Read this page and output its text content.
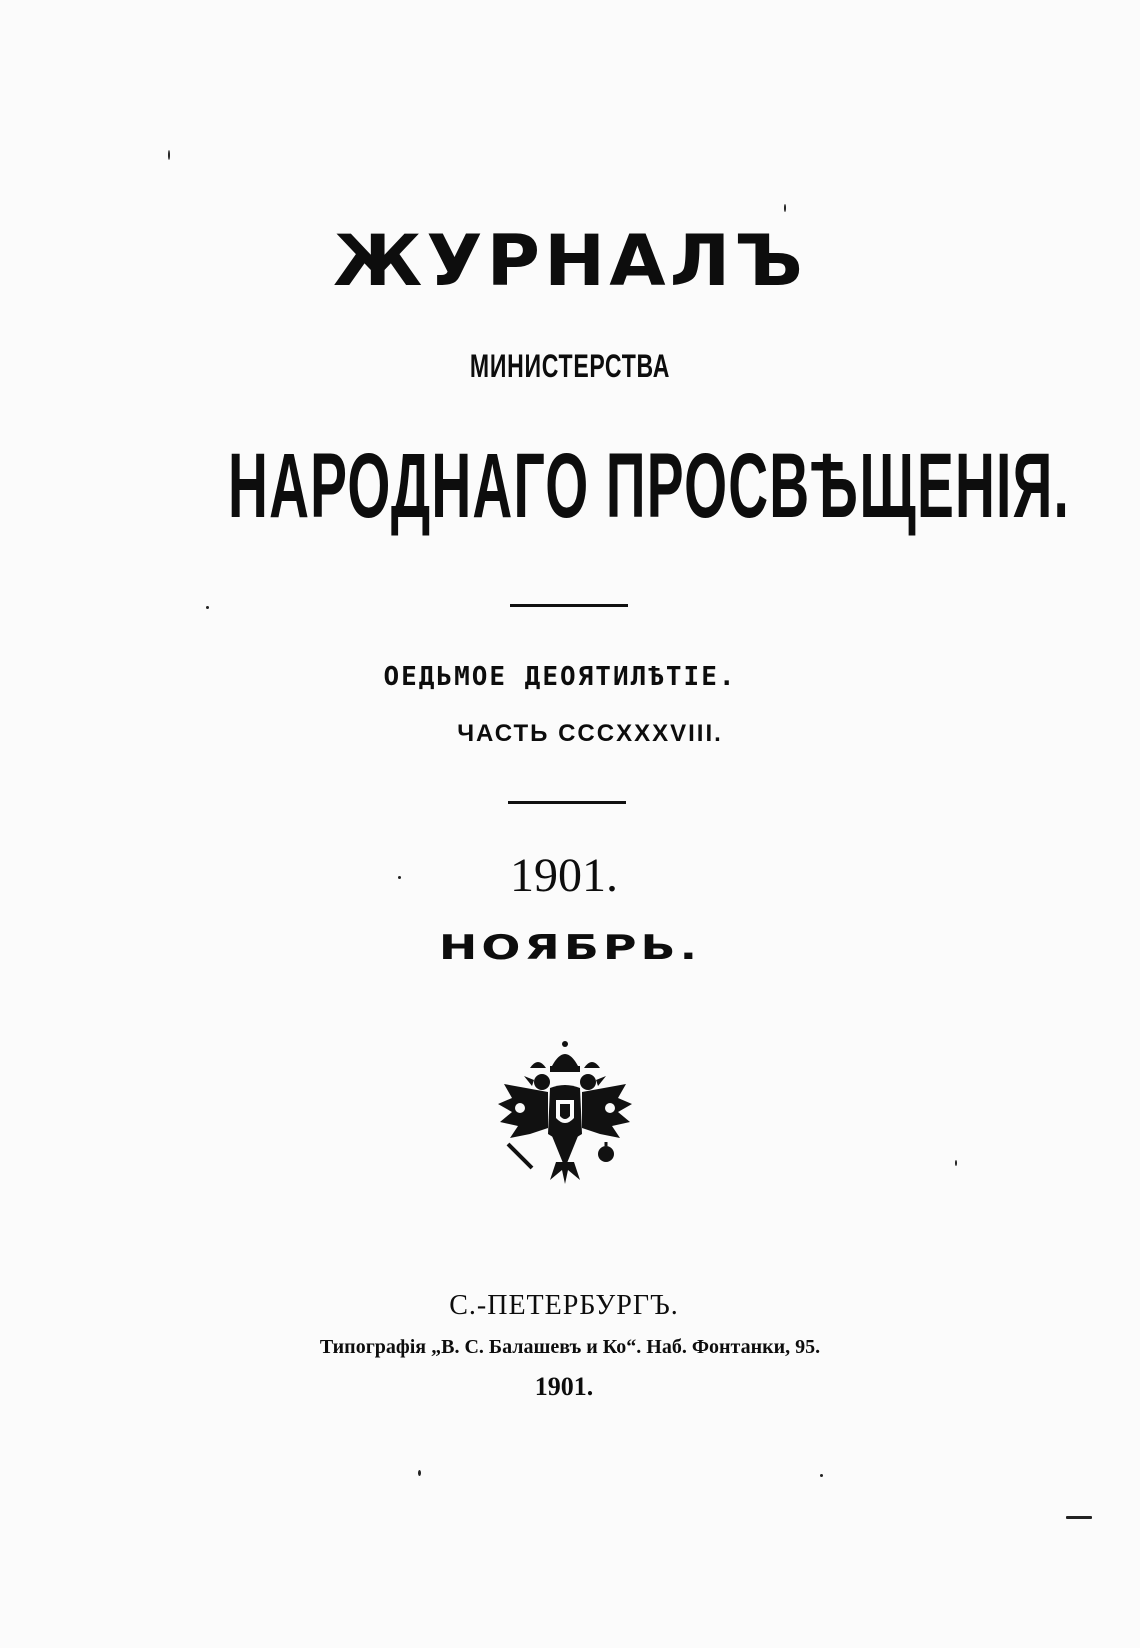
ЖУРНАЛЪ
МИНИСТЕРСТВА
НАРОДНАГО ПРОСВѢЩЕНІЯ.
ОЕДЬМОЕ ДЕОЯТИЛѢТІЕ.
ЧАСТЬ CCCXXXVIII.
1901.
НОЯБРЬ.
С.-ПЕТЕРБУРГЪ.
Типографія „В. С. Балашевъ и Ко“. Наб. Фонтанки, 95.
1901.
